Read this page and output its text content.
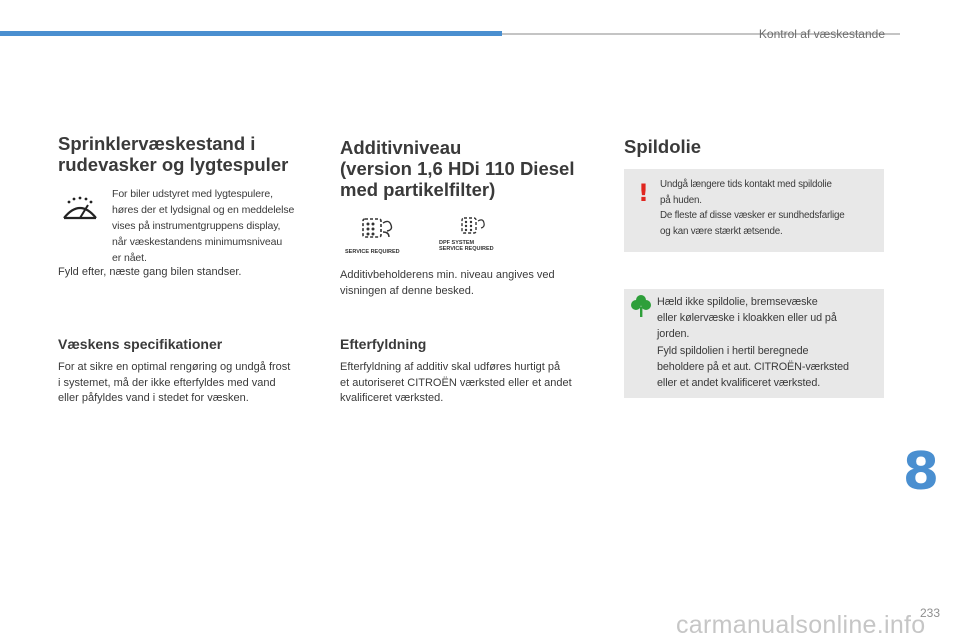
Kontrol af væskestande
Sprinklervæskestand i
rudevasker og lygtespuler
For biler udstyret med lygtespulere,
høres der et lydsignal og en meddelelse
vises på instrumentgruppens display,
når væskestandens minimumsniveau
er nået.
Fyld efter, næste gang bilen standser.
Væskens specifikationer
For at sikre en optimal rengøring og undgå frost
i systemet, må der ikke efterfyldes med vand
eller påfyldes vand i stedet for væsken.
Additivniveau
(version 1,6 HDi 110 Diesel
med partikelfilter)
SERVICE REQUIRED
DPF SYSTEM
SERVICE REQUIRED
Additivbeholderens min. niveau angives ved
visningen af denne besked.
Efterfyldning
Efterfyldning af additiv skal udføres hurtigt på
et autoriseret CITROËN værksted eller et andet
kvalificeret værksted.
Spildolie
! Undgå længere tids kontakt med spildolie
på huden.
De fleste af disse væsker er sundhedsfarlige
og kan være stærkt ætsende.
Hæld ikke spildolie, bremsevæske
eller kølervæske i kloakken eller ud på
jorden.
Fyld spildolien i hertil beregnede
beholdere på et aut. CITROËN-værksted
eller et andet kvalificeret værksted.
8
233
carmanualsonline.info
